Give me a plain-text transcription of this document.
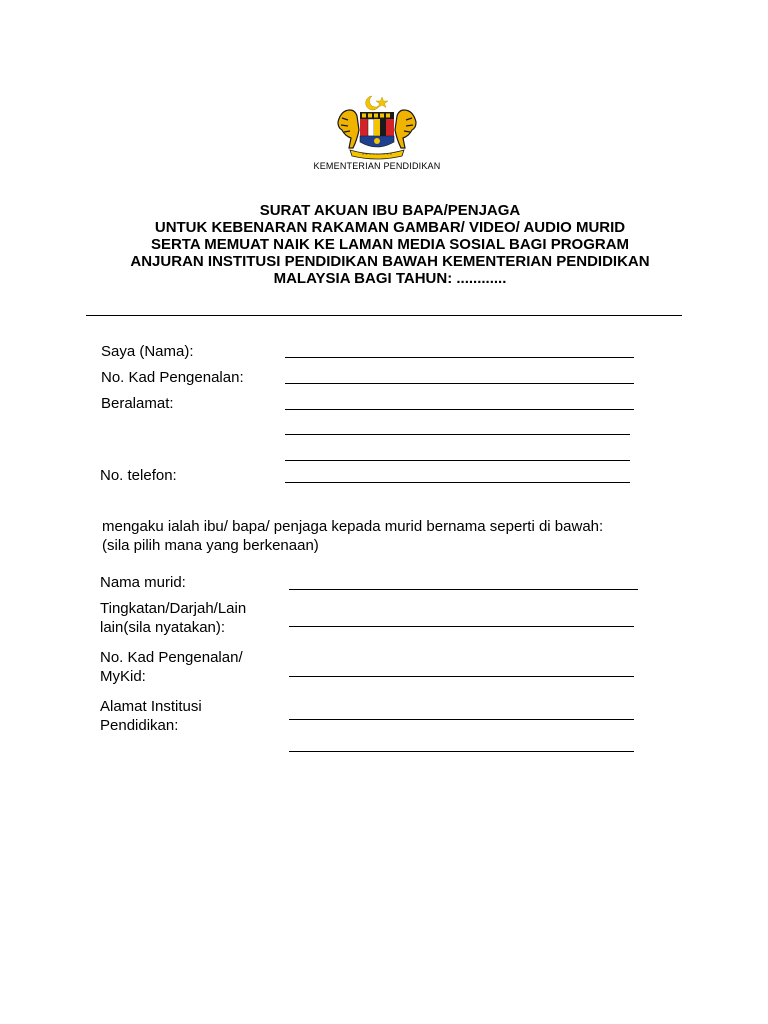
KEMENTERIAN PENDIDIKAN
SURAT AKUAN IBU BAPA/PENJAGA
UNTUK KEBENARAN RAKAMAN GAMBAR/ VIDEO/ AUDIO MURID
SERTA MEMUAT NAIK KE LAMAN MEDIA SOSIAL BAGI PROGRAM
ANJURAN INSTITUSI PENDIDIKAN BAWAH KEMENTERIAN PENDIDIKAN
MALAYSIA BAGI TAHUN: ............
Saya (Nama):
No. Kad Pengenalan:
Beralamat:
No. telefon:
mengaku ialah ibu/ bapa/ penjaga kepada murid bernama seperti di bawah:
(sila pilih mana yang berkenaan)
Nama murid:
Tingkatan/Darjah/Lain
lain(sila nyatakan):
No. Kad Pengenalan/
MyKid:
Alamat Institusi
Pendidikan:
